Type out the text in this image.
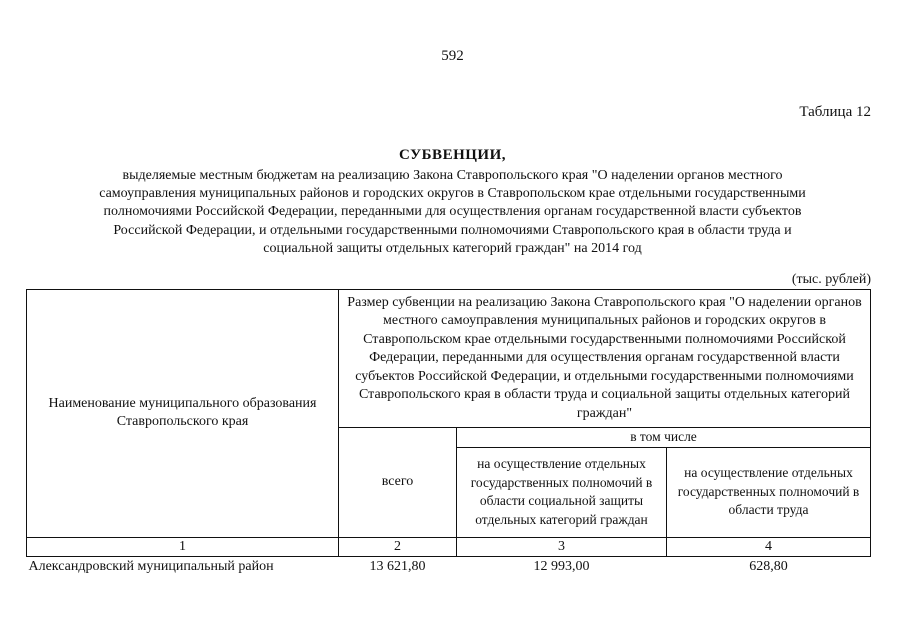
592
Таблица 12
СУБВЕНЦИИ,
выделяемые местным бюджетам на реализацию Закона Ставропольского края "О наделении органов местного самоуправления муниципальных районов и городских округов в Ставропольском крае отдельными государственными полномочиями Российской Федерации, переданными для осуществления органам государственной власти субъектов Российской Федерации, и отдельными государственными полномочиями Ставропольского края в области труда и социальной защиты отдельных категорий граждан" на 2014 год
(тыс. рублей)
Наименование муниципального образования Ставропольского края	Размер субвенции на реализацию Закона Ставропольского края "О наделении органов местного самоуправления муниципальных районов и городских округов в Ставропольском крае отдельными государственными полномочиями Российской Федерации, переданными для осуществления органам государственной власти субъектов Российской Федерации, и отдельными государственными полномочиями Ставропольского края в области труда и социальной защиты отдельных категорий граждан"		
	всего	в том числе	
		на осуществление отдельных государственных полномочий в области социальной защиты отдельных категорий граждан	на осуществление отдельных государственных полномочий в области труда
1	2	3	4
Александровский муниципальный район	13 621,80	12 993,00	628,80
